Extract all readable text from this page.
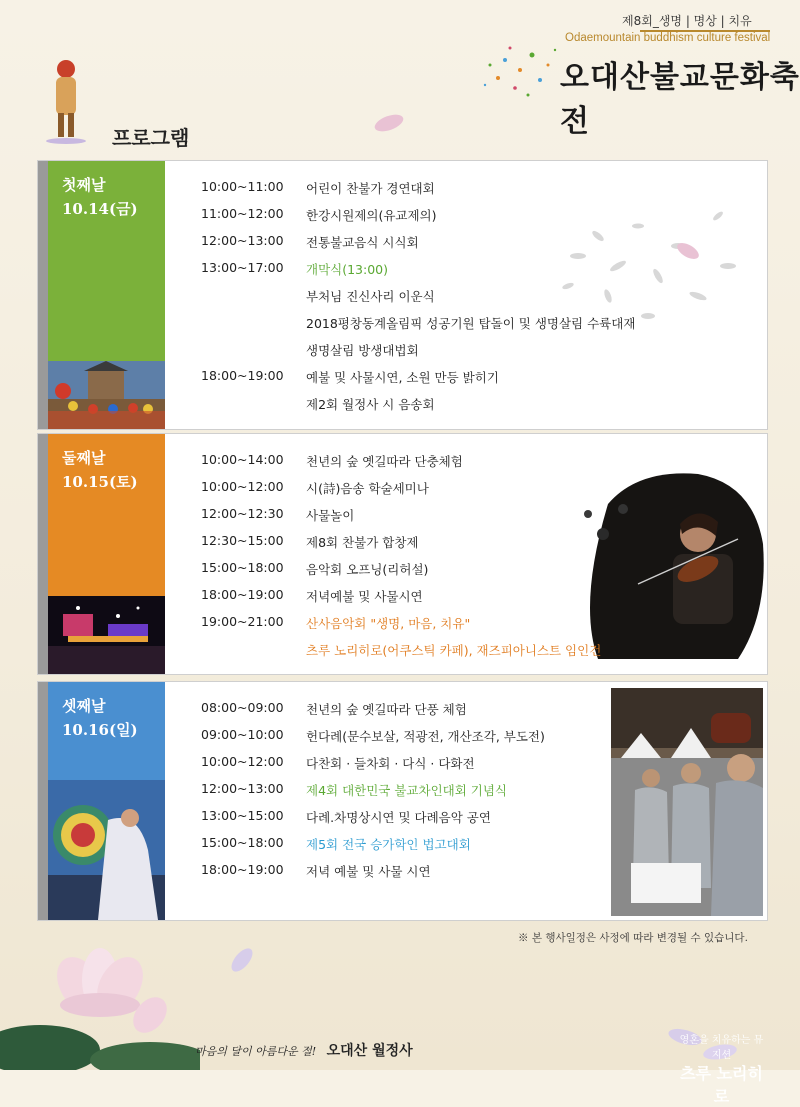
제8회_생명 | 명상 | 치유
Odaemountain buddhism culture festival
오대산불교문화축전
프로그램
첫째날
10.14(금)
10:00~11:00	어린이 찬불가 경연대회
11:00~12:00	한강시원제의(유교제의)
12:00~13:00	전통불교음식 시식회
13:00~17:00	개막식(13:00)
부처님 진신사리 이운식
2018평창동계올림픽 성공기원 탑돌이 및 생명살림 수륙대재
생명살림 방생대법회
18:00~19:00	예불 및 사물시연, 소원 만등 밝히기
제2회 월정사 시 음송회
둘째날
10.15(토)
영혼을 치유하는 뮤지션
츠루 노리히로
10:00~14:00	천년의 숲 옛길따라 단충체험
10:00~12:00	시(詩)음송 학술세미나
12:00~12:30	사물놀이
12:30~15:00	제8회 찬불가 합창제
15:00~18:00	음악회 오프닝(리허설)
18:00~19:00	저녁예불 및 사물시연
19:00~21:00	산사음악회 "생명, 마음, 치유"
츠루 노리히로(어쿠스틱 카페), 재즈피아니스트 임인건
셋째날
10.16(일)
08:00~09:00	천년의 숲 옛길따라 단풍 체험
09:00~10:00	헌다례(문수보살, 적광전, 개산조각, 부도전)
10:00~12:00	다찬회 · 들차회 · 다식 · 다화전
12:00~13:00	제4회 대한민국 불교차인대회 기념식
13:00~15:00	다례.차명상시연 및 다례음악 공연
15:00~18:00	제5회 전국 승가학인 법고대회
18:00~19:00	저녁 예불 및 사물 시연
※ 본 행사일정은 사정에 따라 변경될 수 있습니다.
마음의 달이 아름다운 절! 오대산 월정사
